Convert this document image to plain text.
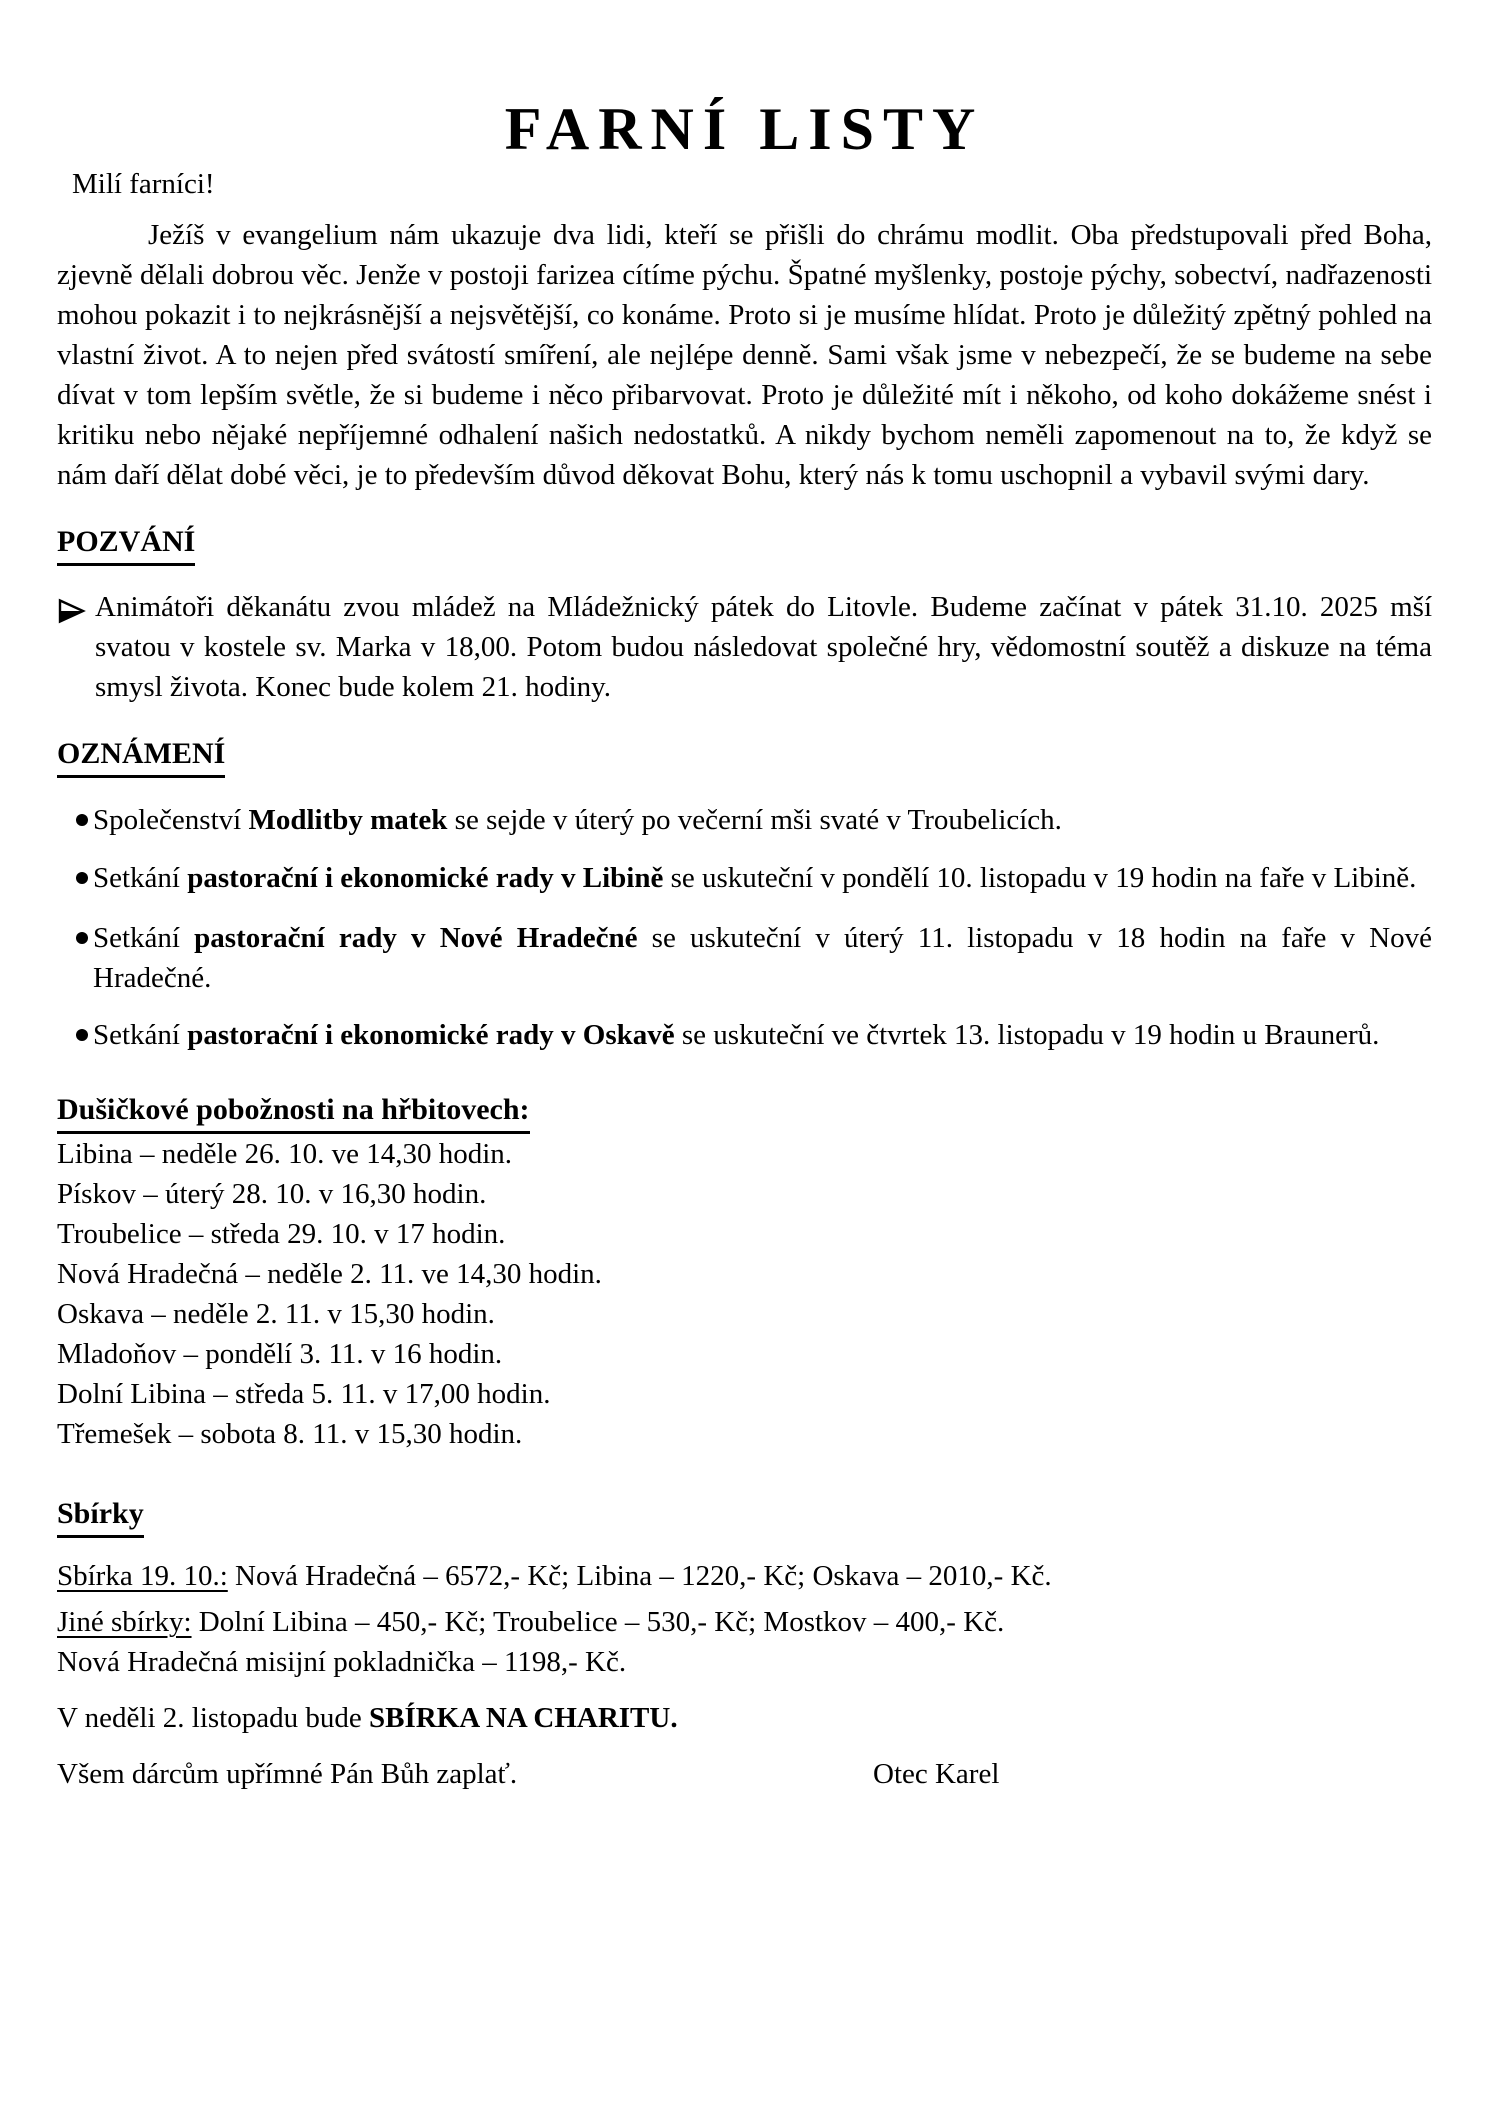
FARNÍ LISTY

Milí farníci!

Ježíš v evangelium nám ukazuje dva lidi, kteří se přišli do chrámu modlit. Oba předstupovali před Boha, zjevně dělali dobrou věc. Jenže v postoji farizea cítíme pýchu. Špatné myšlenky, postoje pýchy, sobectví, nadřazenosti mohou pokazit i to nejkrásnější a nejsvětější, co konáme. Proto si je musíme hlídat. Proto je důležitý zpětný pohled na vlastní život. A to nejen před svátostí smíření, ale nejlépe denně. Sami však jsme v nebezpečí, že se budeme na sebe dívat v tom lepším světle, že si budeme i něco přibarvovat. Proto je důležité mít i někoho, od koho dokážeme snést i kritiku nebo nějaké nepříjemné odhalení našich nedostatků. A nikdy bychom neměli zapomenout na to, že když se nám daří dělat dobé věci, je to především důvod děkovat Bohu, který nás k tomu uschopnil a vybavil svými dary.

POZVÁNÍ
Animátoři děkanátu zvou mládež na Mládežnický pátek do Litovle. Budeme začínat v pátek 31.10. 2025 mší svatou v kostele sv. Marka v 18,00. Potom budou následovat společné hry, vědomostní soutěž a diskuze na téma smysl života. Konec bude kolem 21. hodiny.
OZNÁMENÍ
Společenství Modlitby matek se sejde v úterý po večerní mši svaté v Troubelicích.
Setkání pastorační i ekonomické rady v Libině se uskuteční v pondělí 10. listopadu v 19 hodin na faře v Libině.
Setkání pastorační rady v Nové Hradečné se uskuteční v úterý 11. listopadu v 18 hodin na faře v Nové Hradečné.
Setkání pastorační i ekonomické rady v Oskavě se uskuteční ve čtvrtek 13. listopadu v 19 hodin u Braunerů.
Dušičkové pobožnosti na hřbitovech:
Libina – neděle 26. 10. ve 14,30 hodin.
Pískov – úterý 28. 10. v 16,30 hodin.
Troubelice – středa 29. 10. v 17 hodin.
Nová Hradečná – neděle 2. 11. ve 14,30 hodin.
Oskava – neděle 2. 11. v 15,30 hodin.
Mladoňov – pondělí 3. 11. v 16 hodin.
Dolní Libina – středa 5. 11. v 17,00 hodin.
Třemešek – sobota 8. 11. v 15,30 hodin.
Sbírky
Sbírka 19. 10.: Nová Hradečná – 6572,- Kč; Libina – 1220,- Kč; Oskava – 2010,- Kč.
Jiné sbírky: Dolní Libina – 450,- Kč; Troubelice – 530,- Kč; Mostkov – 400,- Kč.
Nová Hradečná misijní pokladnička – 1198,- Kč.
V neděli 2. listopadu bude SBÍRKA NA CHARITU.
Všem dárcům upřímné Pán Bůh zaplať.	Otec Karel
